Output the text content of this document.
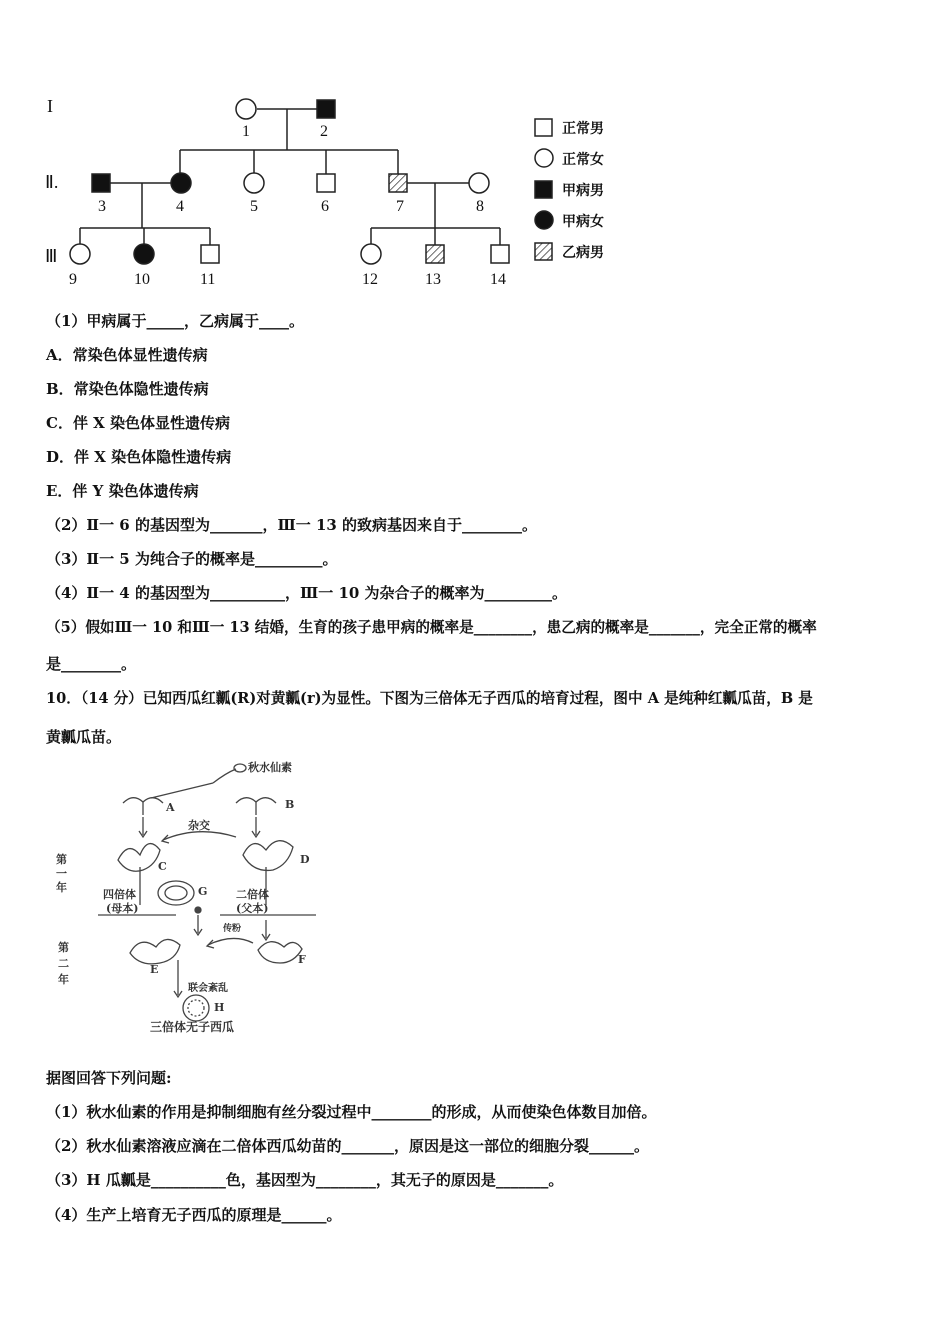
I
Ⅱ.
Ⅲ
1	2
3	4	5	6	7	8
9	10	11	12	13	14
正常男
正常女
甲病男
甲病女
乙病男
（1）甲病属于_____，乙病属于____。
A．常染色体显性遗传病
B．常染色体隐性遗传病
C．伴 X 染色体显性遗传病
D．伴 X 染色体隐性遗传病
E．伴 Y 染色体遗传病
（2）Ⅱ一 6 的基因型为_______，Ⅲ一 13 的致病基因来自于________。
（3）Ⅱ一 5 为纯合子的概率是_________。
（4）Ⅱ一 4 的基因型为__________，Ⅲ一 10 为杂合子的概率为_________。
（5）假如Ⅲ一 10 和Ⅲ一 13 结婚，生育的孩子患甲病的概率是________，患乙病的概率是_______，完全正常的概率
是________。
10．（14 分）已知西瓜红瓤(R)对黄瓤(r)为显性。下图为三倍体无子西瓜的培育过程，图中 A 是纯种红瓤瓜苗，B 是
黄瓤瓜苗。
秋水仙素
杂交
第
一
年
第
二
年
四倍体
(母本)
二倍体
(父本)
传粉
联会紊乱
三倍体无子西瓜
A	B
C
D
G
E
F
H
据图回答下列问题:
（1）秋水仙素的作用是抑制细胞有丝分裂过程中________的形成，从而使染色体数目加倍。
（2）秋水仙素溶液应滴在二倍体西瓜幼苗的_______，原因是这一部位的细胞分裂______。
（3）H 瓜瓤是__________色，基因型为________，其无子的原因是_______。
（4）生产上培育无子西瓜的原理是______。
